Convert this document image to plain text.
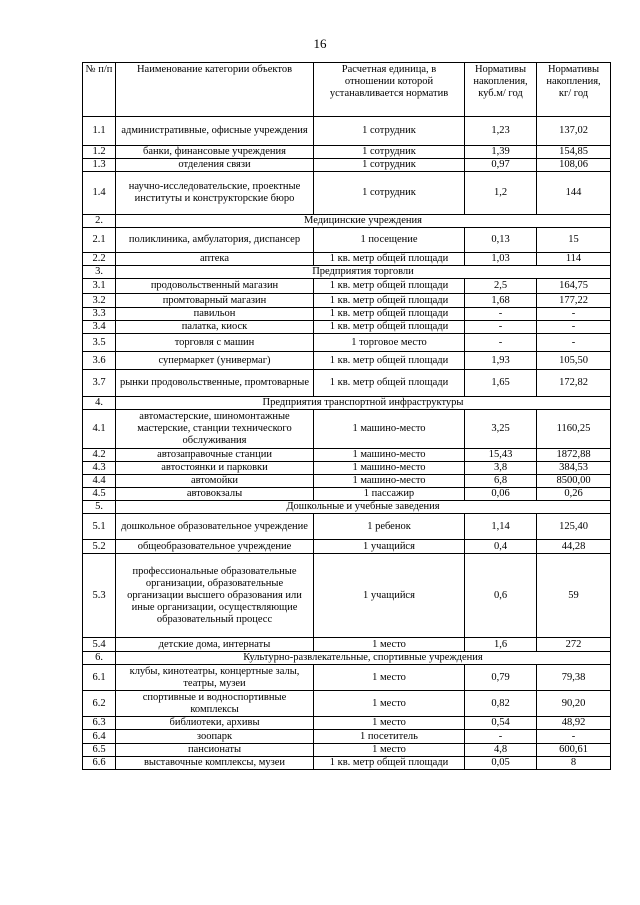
16
№ п/п	Наименование категории объектов	Расчетная единица, в отношении которой устанавливается норматив	Нормативы накопления, куб.м/ год	Нормативы накопления, кг/ год
1.1	административные, офисные учреждения	1 сотрудник	1,23	137,02
1.2	банки, финансовые учреждения	1 сотрудник	1,39	154,85
1.3	отделения связи	1 сотрудник	0,97	108,06
1.4	научно-исследовательские, проектные институты и конструкторские бюро	1 сотрудник	1,2	144
2.	Медицинские учреждения			
2.1	поликлиника, амбулатория, диспансер	1 посещение	0,13	15
2.2	аптека	1 кв. метр общей площади	1,03	114
3.	Предприятия торговли			
3.1	продовольственный магазин	1 кв. метр общей площади	2,5	164,75
3.2	промтоварный магазин	1 кв. метр общей площади	1,68	177,22
3.3	павильон	1 кв. метр общей площади	-	-
3.4	палатка, киоск	1 кв. метр общей площади	-	-
3.5	торговля с машин	1 торговое место	-	-
3.6	супермаркет (универмаг)	1 кв. метр общей площади	1,93	105,50
3.7	рынки продовольственные, промтоварные	1 кв. метр общей площади	1,65	172,82
4.	Предприятия транспортной инфраструктуры			
4.1	автомастерские, шиномонтажные мастерские, станции технического обслуживания	1 машино-место	3,25	1160,25
4.2	автозаправочные станции	1 машино-место	15,43	1872,88
4.3	автостоянки и парковки	1 машино-место	3,8	384,53
4.4	автомойки	1 машино-место	6,8	8500,00
4.5	автовокзалы	1 пассажир	0,06	0,26
5.	Дошкольные и учебные заведения			
5.1	дошкольное образовательное учреждение	1 ребенок	1,14	125,40
5.2	общеобразовательное учреждение	1 учащийся	0,4	44,28
5.3	профессиональные образовательные организации, образовательные организации высшего образования или иные организации, осуществляющие образовательный процесс	1 учащийся	0,6	59
5.4	детские дома, интернаты	1 место	1,6	272
6.	Культурно-развлекательные, спортивные учреждения			
6.1	клубы, кинотеатры, концертные залы, театры, музеи	1 место	0,79	79,38
6.2	спортивные и водноспортивные комплексы	1 место	0,82	90,20
6.3	библиотеки, архивы	1 место	0,54	48,92
6.4	зоопарк	1 посетитель	-	-
6.5	пансионаты	1 место	4,8	600,61
6.6	выставочные комплексы, музеи	1 кв. метр общей площади	0,05	8
